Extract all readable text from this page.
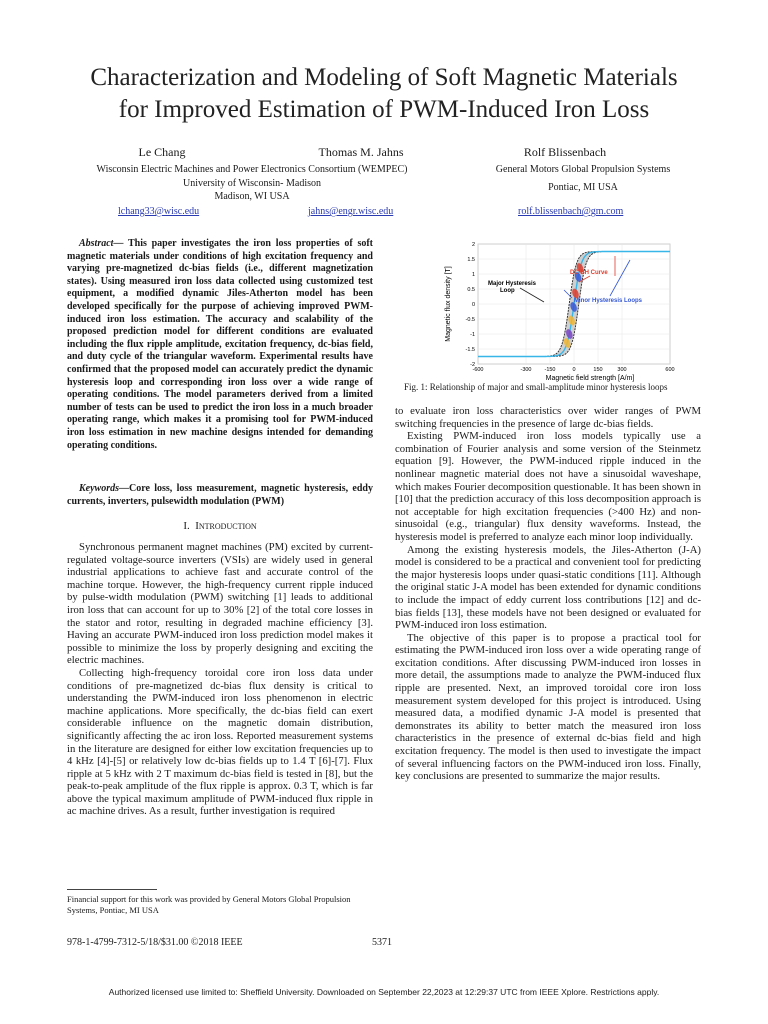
Characterization and Modeling of Soft Magnetic Materials
for Improved Estimation of PWM-Induced Iron Loss
Le Chang	Thomas M. Jahns	Rolf Blissenbach
Wisconsin Electric Machines and Power Electronics Consortium (WEMPEC)
University of Wisconsin- Madison
Madison, WI USA
General Motors Global Propulsion Systems
Pontiac, MI USA
lchang33@wisc.edu	jahns@engr.wisc.edu	rolf.blissenbach@gm.com
Abstract— This paper investigates the iron loss properties of soft magnetic materials under conditions of high excitation frequency and varying pre-magnetized dc-bias fields (i.e., different magnetization states). Using measured iron loss data collected using customized test equipment, a modified dynamic Jiles-Atherton model has been developed specifically for the purpose of achieving improved PWM-induced iron loss estimation. The accuracy and scalability of the proposed prediction model for different conditions are evaluated including the flux ripple amplitude, excitation frequency, dc-bias field, and duty cycle of the triangular waveform. Experimental results have confirmed that the proposed model can accurately predict the dynamic hysteresis loop and corresponding iron loss over a wide range of operating conditions. The model parameters derived from a limited number of tests can be used to predict the iron loss in a much broader operating range, which makes it a promising tool for PWM-induced iron loss estimation in new machine designs intended for demanding operating conditions.
Keywords—Core loss, loss measurement, magnetic hysteresis, eddy currents, inverters, pulsewidth modulation (PWM)
I. Introduction

Synchronous permanent magnet machines (PM) excited by current-regulated voltage-source inverters (VSIs) are widely used in general industrial applications to achieve fast and accurate control of the machine torque. However, the high-frequency current ripple induced by pulse-width modulation (PWM) switching [1] leads to additional iron loss that can account for up to 30% [2] of the total core losses in the stator and rotor, resulting in degraded machine efficiency [3]. Having an accurate PWM-induced iron loss prediction model makes it possible to minimize the loss by properly designing and exciting the electric machines.

Collecting high-frequency toroidal core iron loss data under conditions of pre-magnetized dc-bias flux density is critical to understanding the PWM-induced iron loss phenomenon in electric machine applications. More specifically, the dc-bias field can exert considerable influence on the magnetic domain distribution, significantly affecting the ac iron loss. Reported measurement systems in the literature are designed for either low excitation frequencies up to 4 kHz [4]-[5] or relatively low dc-bias fields up to 1.4 T [6]-[7]. Flux ripple at 5 kHz with 2 T maximum dc-bias field is tested in [8], but the peak-to-peak amplitude of the flux ripple is approx. 0.3 T, which is far above the typical maximum amplitude of PWM-induced flux ripple in ac machine drives. As a result, further investigation is required

-600	-300 -150	0	150	300	600
2
1.5
1
0.5
0
-0.5
-1
-1.5
-2
Magnetic field strength [A/m]
Magnetic flux density [T]	Major Hysteresis Loop
DC BH Curve
Minor Hysteresis Loops
Fig. 1: Relationship of major and small-amplitude minor hysteresis loops

to evaluate iron loss characteristics over wider ranges of PWM switching frequencies in the presence of large dc-bias fields.

Existing PWM-induced iron loss models typically use a combination of Fourier analysis and some version of the Steinmetz equation [9]. However, the PWM-induced ripple induced in the nonlinear magnetic material does not have a sinusoidal waveshape, which makes Fourier decomposition questionable. It has been shown in [10] that the prediction accuracy of this loss decomposition approach is not acceptable for high excitation frequencies (>400 Hz) and non-sinusoidal (e.g., triangular) flux density waveforms. Instead, the hysteresis model is preferred to analyze each minor loop individually.

Among the existing hysteresis models, the Jiles-Atherton (J-A) model is considered to be a practical and convenient tool for predicting the major hysteresis loops under quasi-static conditions [11]. Although the original static J-A model has been extended for dynamic conditions to include the impact of eddy current loss contributions [12] and dc-bias fields [13], these models have not been designed or evaluated for PWM-induced iron loss estimation.

The objective of this paper is to propose a practical tool for estimating the PWM-induced iron loss over a wide operating range of excitation conditions. After discussing PWM-induced iron losses in more detail, the assumptions made to analyze the PWM-induced flux ripple are presented. Next, an improved toroidal core iron loss measurement system developed for this project is introduced. Using measured data, a modified dynamic J-A model is presented that demonstrates its ability to better match the measured iron loss characteristics in the presence of external dc-bias field and high excitation frequency. The model is then used to investigate the impact of several influencing factors on the PWM-induced iron loss. Finally, key conclusions are presented to summarize the major results.

Financial support for this work was provided by General Motors Global Propulsion Systems, Pontiac, MI USA
978-1-4799-7312-5/18/$31.00 ©2018 IEEE	5371
Authorized licensed use limited to: Sheffield University. Downloaded on September 22,2023 at 12:29:37 UTC from IEEE Xplore. Restrictions apply.
